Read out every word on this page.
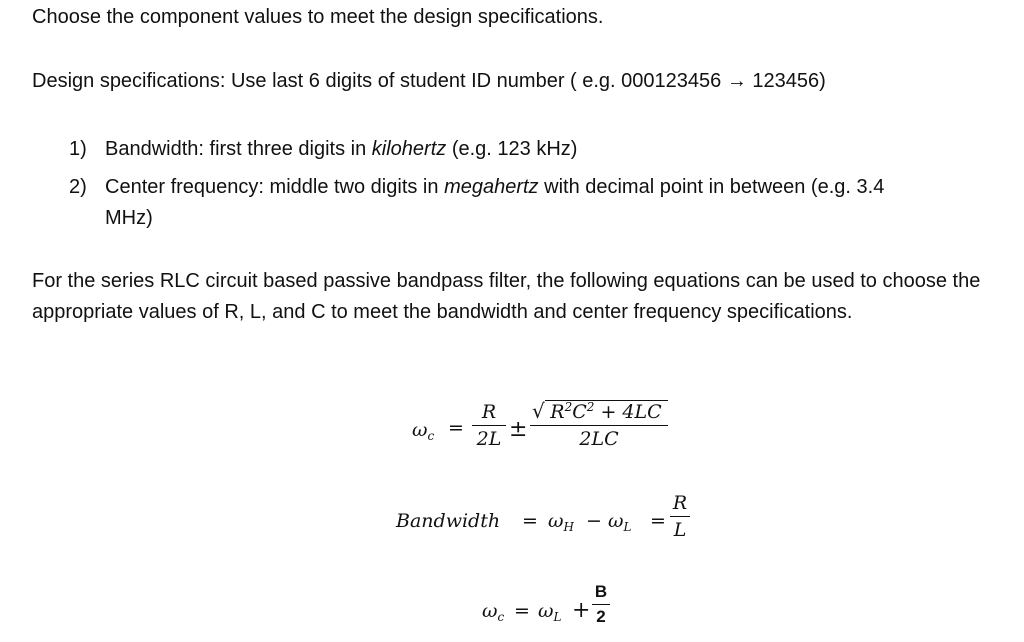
Choose the component values to meet the design specifications.
Design specifications: Use last 6 digits of student ID number ( e.g. 000123456 → 123456)
1) Bandwidth: first three digits in kilohertz (e.g. 123 kHz)
2) Center frequency: middle two digits in megahertz with decimal point in between (e.g. 3.4
MHz)
For the series RLC circuit based passive bandpass filter, the following equations can be used to choose the appropriate values of R, L, and C to meet the bandwidth and center frequency specifications.
$\omega_c$ =
R
2L ±
√ $R^2C^2 + 4LC$
2LC
Bandwidth = $\omega_H - \omega_L$ =
R
L
$\omega_c = \omega_L$ +
B
2
